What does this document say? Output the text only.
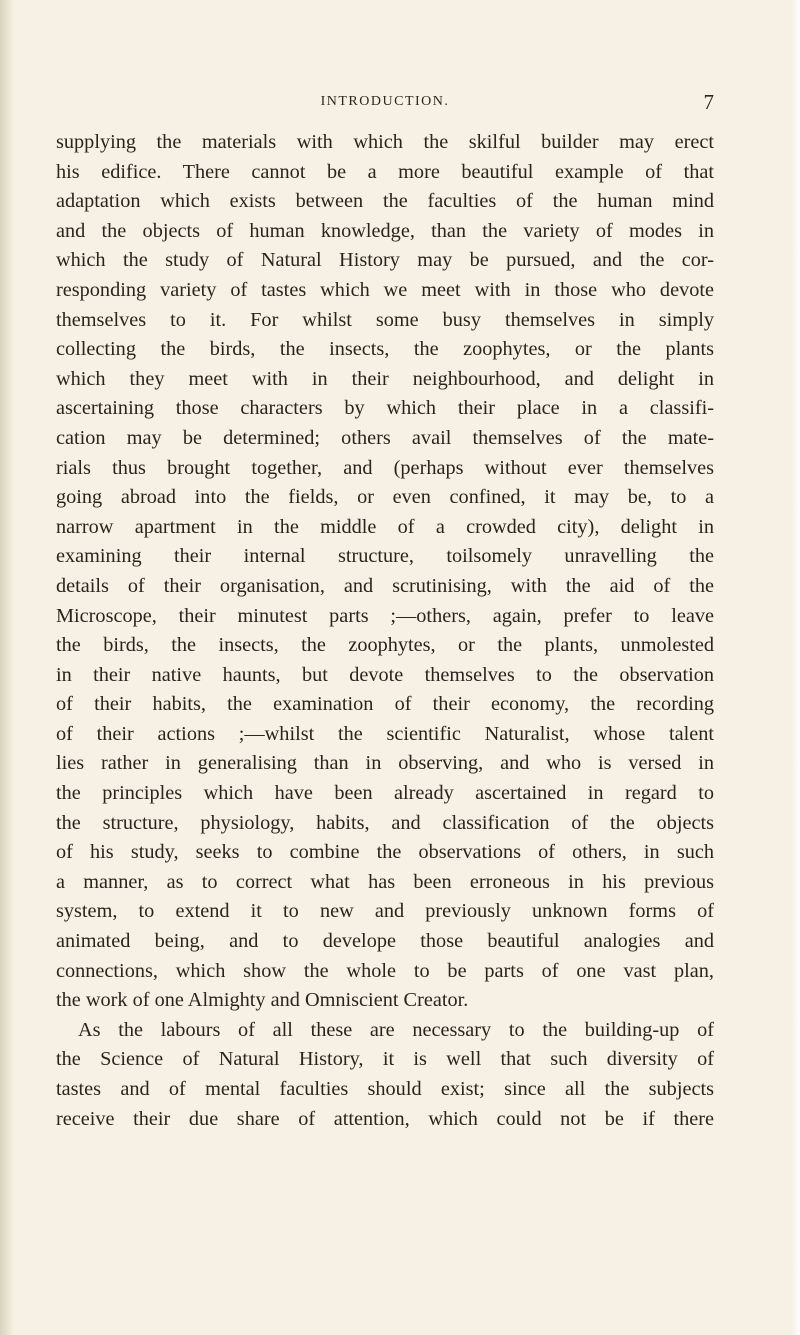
INTRODUCTION.	7
supplying the materials with which the skilful builder may erect
his edifice. There cannot be a more beautiful example of that
adaptation which exists between the faculties of the human mind
and the objects of human knowledge, than the variety of modes in
which the study of Natural History may be pursued, and the cor-
responding variety of tastes which we meet with in those who devote
themselves to it. For whilst some busy themselves in simply
collecting the birds, the insects, the zoophytes, or the plants
which they meet with in their neighbourhood, and delight in
ascertaining those characters by which their place in a classifi-
cation may be determined; others avail themselves of the mate-
rials thus brought together, and (perhaps without ever themselves
going abroad into the fields, or even confined, it may be, to a
narrow apartment in the middle of a crowded city), delight in
examining their internal structure, toilsomely unravelling the
details of their organisation, and scrutinising, with the aid of the
Microscope, their minutest parts ;—others, again, prefer to leave
the birds, the insects, the zoophytes, or the plants, unmolested
in their native haunts, but devote themselves to the observation
of their habits, the examination of their economy, the recording
of their actions ;—whilst the scientific Naturalist, whose talent
lies rather in generalising than in observing, and who is versed in
the principles which have been already ascertained in regard to
the structure, physiology, habits, and classification of the objects
of his study, seeks to combine the observations of others, in such
a manner, as to correct what has been erroneous in his previous
system, to extend it to new and previously unknown forms of
animated being, and to develope those beautiful analogies and
connections, which show the whole to be parts of one vast plan,
the work of one Almighty and Omniscient Creator.
As the labours of all these are necessary to the building-up of
the Science of Natural History, it is well that such diversity of
tastes and of mental faculties should exist; since all the subjects
receive their due share of attention, which could not be if there
